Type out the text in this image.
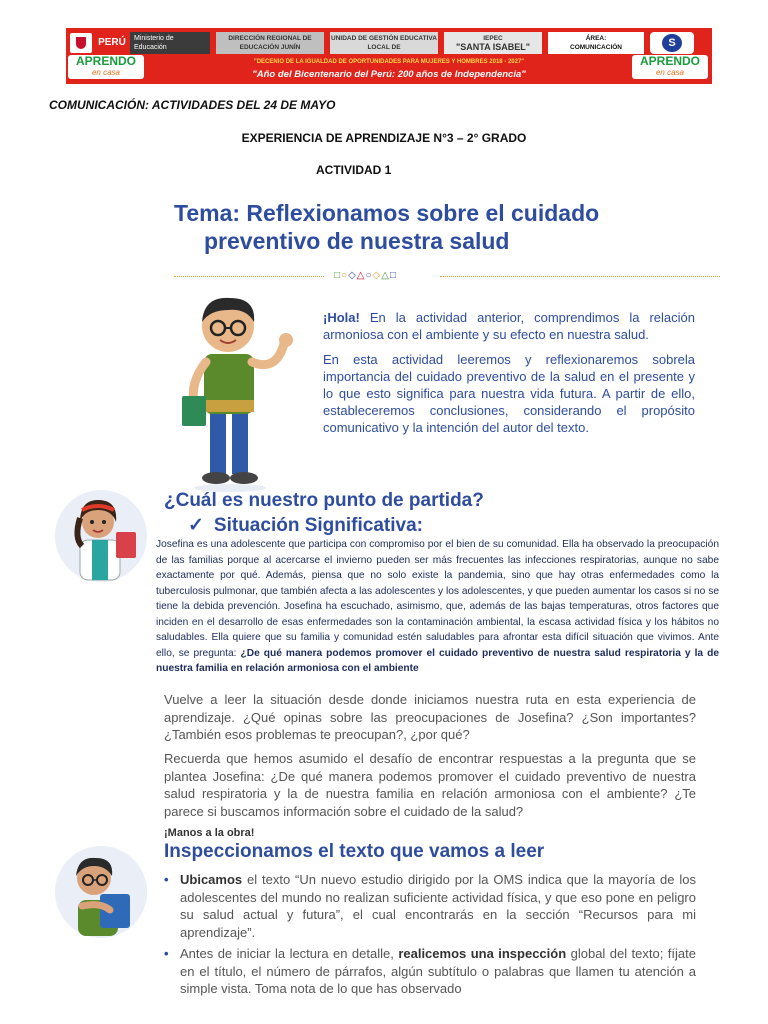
PERÚ	Ministerio de Educación
DIRECCIÓN REGIONAL DE EDUCACIÓN JUNÍN
UNIDAD DE GESTIÓN EDUCATIVA LOCAL DE
IEPEC
"SANTA ISABEL"
ÁREA:
COMUNICACIÓN	S
APRENDO
en casa
APRENDO
en casa
"DECENIO DE LA IGUALDAD DE OPORTUNIDADES PARA MUJERES Y HOMBRES 2018 - 2027"
"Año del Bicentenario del Perú: 200 años de Independencia"
COMUNICACIÓN: ACTIVIDADES DEL 24 DE MAYO
EXPERIENCIA DE APRENDIZAJE N°3 – 2° GRADO
ACTIVIDAD 1
Tema: Reflexionamos sobre el cuidado
preventivo de nuestra salud
□○◇△○◇△□

¡Hola! En la actividad anterior, comprendimos la relación armoniosa con el ambiente y su efecto en nuestra salud.

En esta actividad leeremos y reflexionaremos sobrela importancia del cuidado preventivo de la salud en el presente y lo que esto significa para nuestra vida futura. A partir de ello, estableceremos conclusiones, considerando el propósito comunicativo y la intención del autor del texto.

¿Cuál es nuestro punto de partida?
✓ Situación Significativa:
Josefina es una adolescente que participa con compromiso por el bien de su comunidad. Ella ha observado la preocupación de las familias porque al acercarse el invierno pueden ser más frecuentes las infecciones respiratorias, aunque no sabe exactamente por qué. Además, piensa que no solo existe la pandemia, sino que hay otras enfermedades como la tuberculosis pulmonar, que también afecta a las adolescentes y los adolescentes, y que pueden aumentar los casos si no se tiene la debida prevención. Josefina ha escuchado, asimismo, que, además de las bajas temperaturas, otros factores que inciden en el desarrollo de esas enfermedades son la contaminación ambiental, la escasa actividad física y los hábitos no saludables. Ella quiere que su familia y comunidad estén saludables para afrontar esta difícil situación que vivimos. Ante ello, se pregunta: ¿De qué manera podemos promover el cuidado preventivo de nuestra salud respiratoria y la de nuestra familia en relación armoniosa con el ambiente
Vuelve a leer la situación desde donde iniciamos nuestra ruta en esta experiencia de aprendizaje. ¿Qué opinas sobre las preocupaciones de Josefina? ¿Son importantes? ¿También esos problemas te preocupan?, ¿por qué?
Recuerda que hemos asumido el desafío de encontrar respuestas a la pregunta que se plantea Josefina: ¿De qué manera podemos promover el cuidado preventivo de nuestra salud respiratoria y la de nuestra familia en relación armoniosa con el ambiente? ¿Te parece si buscamos información sobre el cuidado de la salud?
¡Manos a la obra!
Inspeccionamos el texto que vamos a leer
• Ubicamos el texto “Un nuevo estudio dirigido por la OMS indica que la mayoría de los adolescentes del mundo no realizan suficiente actividad física, y que eso pone en peligro su salud actual y futura”, el cual encontrarás en la sección “Recursos para mi aprendizaje”.
• Antes de iniciar la lectura en detalle, realicemos una inspección global del texto; fíjate en el título, el número de párrafos, algún subtítulo o palabras que llamen tu atención a simple vista. Toma nota de lo que has observado
